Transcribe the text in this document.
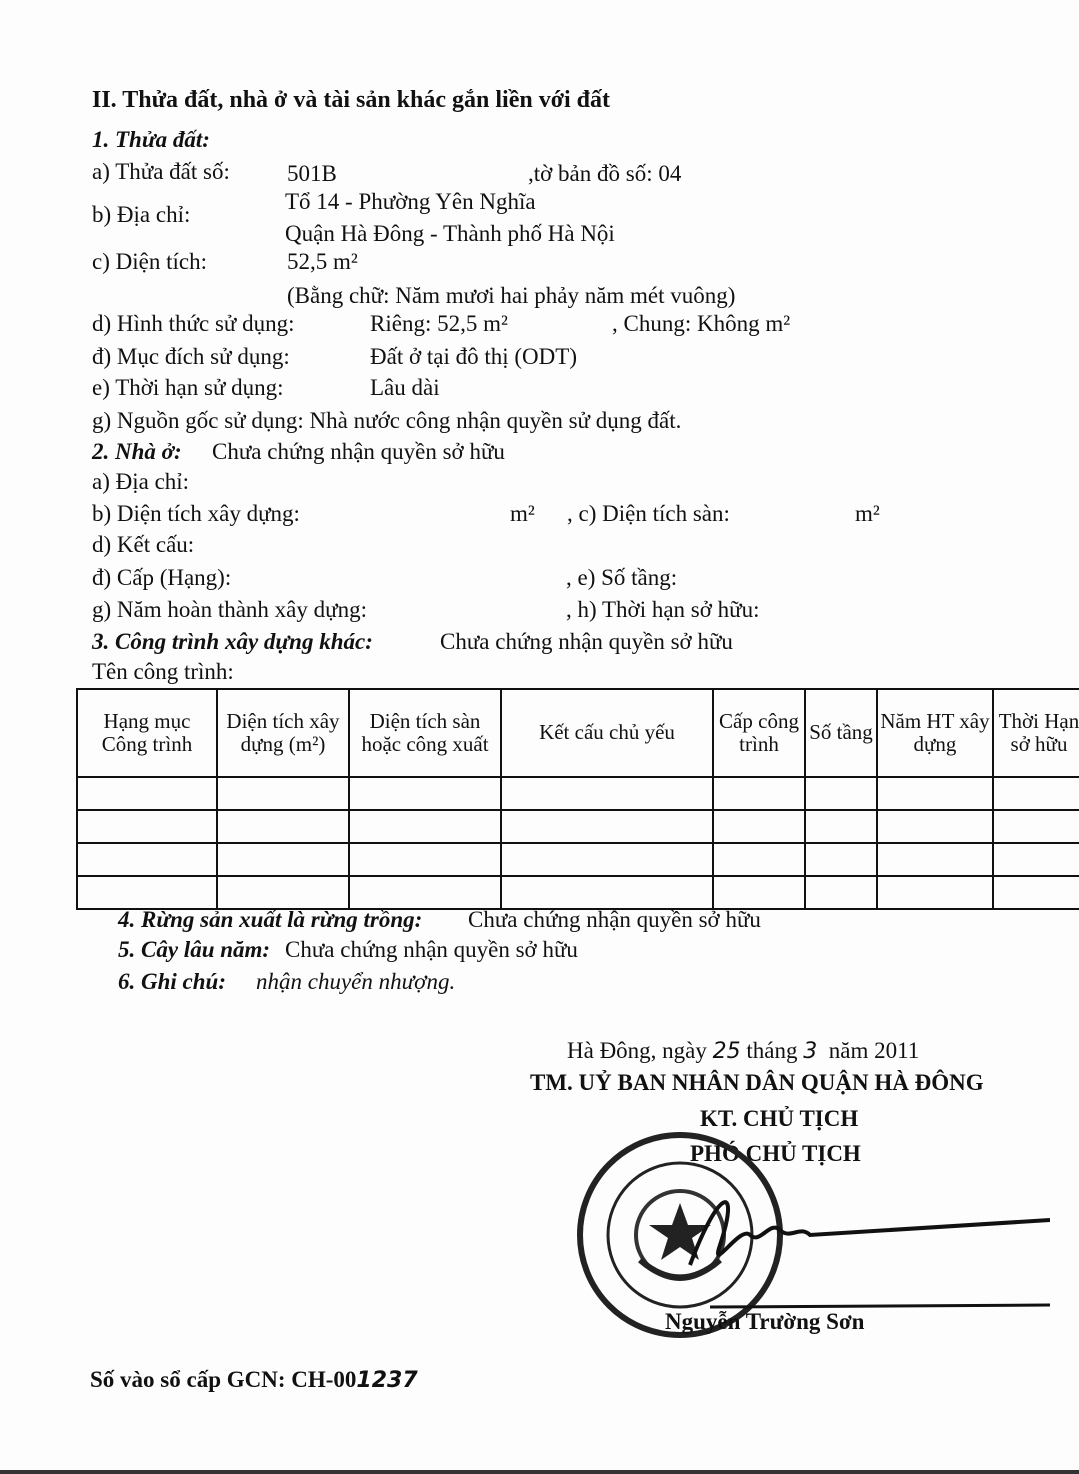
II. Thửa đất, nhà ở và tài sản khác gắn liền với đất
1. Thửa đất:
a) Thửa đất số: 501B	,tờ bản đồ số: 04
b) Địa chỉ:
Tổ 14 - Phường Yên Nghĩa
Quận Hà Đông - Thành phố Hà Nội
c) Diện tích:	52,5 m²
(Bằng chữ: Năm mươi hai phảy năm mét vuông)
d) Hình thức sử dụng:	Riêng: 52,5 m²	, Chung: Không m²
đ) Mục đích sử dụng:	Đất ở tại đô thị (ODT)
e) Thời hạn sử dụng:	Lâu dài
g) Nguồn gốc sử dụng: Nhà nước công nhận quyền sử dụng đất.
2. Nhà ở: Chưa chứng nhận quyền sở hữu
a) Địa chỉ:
b) Diện tích xây dựng:	m² , c) Diện tích sàn:	m²
d) Kết cấu:
đ) Cấp (Hạng):	, e) Số tầng:
g) Năm hoàn thành xây dựng:	, h) Thời hạn sở hữu:
3. Công trình xây dựng khác:	Chưa chứng nhận quyền sở hữu
Tên công trình:
Hạng mục Công trình	Diện tích xây dựng (m²)	Diện tích sàn hoặc công xuất	Kết cấu chủ yếu	Cấp công trình	Số tầng	Năm HT xây dựng	Thời Hạn sở hữu

4. Rừng sản xuất là rừng trồng: Chưa chứng nhận quyền sở hữu
5. Cây lâu năm: Chưa chứng nhận quyền sở hữu
6. Ghi chú: nhận chuyển nhượng.
Hà Đông, ngày 25 tháng 3 năm 2011
TM. UỶ BAN NHÂN DÂN QUẬN HÀ ĐÔNG
KT. CHỦ TỊCH
PHÓ CHỦ TỊCH
Nguyễn Trường Sơn
Số vào sổ cấp GCN: CH-001237
